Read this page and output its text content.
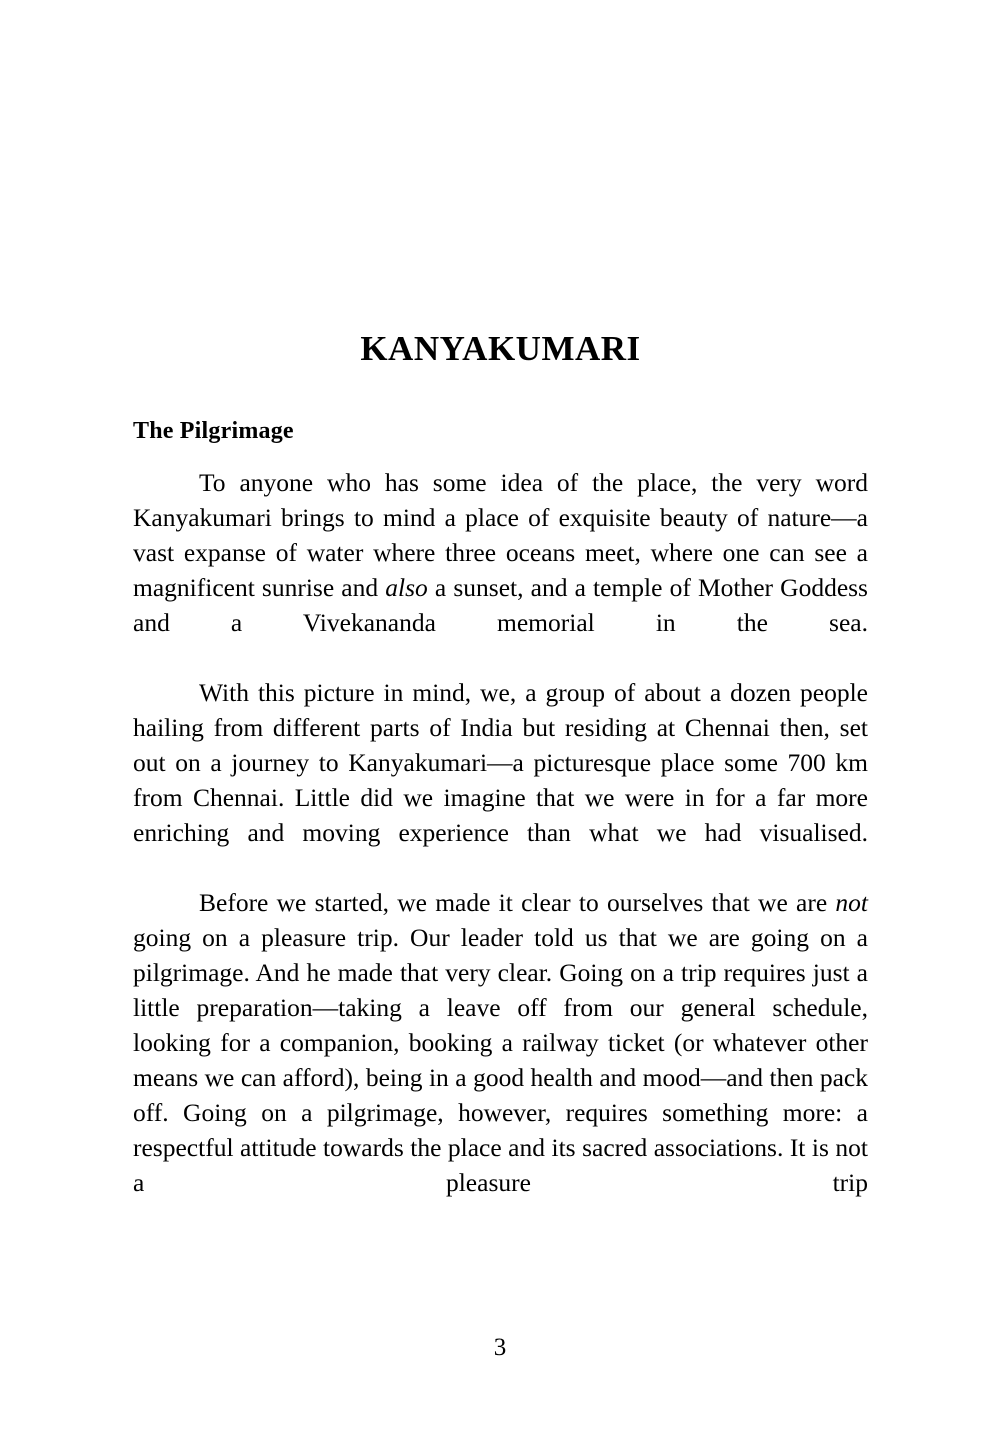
KANYAKUMARI
The Pilgrimage

To anyone who has some idea of the place, the very word Kanyakumari brings to mind a place of exquisite beauty of nature—a vast expanse of water where three oceans meet, where one can see a magnificent sunrise and also a sunset, and a temple of Mother Goddess and a Vivekananda memorial in the sea.

With this picture in mind, we, a group of about a dozen people hailing from different parts of India but residing at Chennai then, set out on a journey to Kanyakumari—a picturesque place some 700 km from Chennai. Little did we imagine that we were in for a far more enriching and moving experience than what we had visualised.

Before we started, we made it clear to ourselves that we are not going on a pleasure trip. Our leader told us that we are going on a pilgrimage. And he made that very clear. Going on a trip requires just a little preparation—taking a leave off from our general schedule, looking for a companion, booking a railway ticket (or whatever other means we can afford), being in a good health and mood—and then pack off. Going on a pilgrimage, however, requires something more: a respectful attitude towards the place and its sacred associations. It is not a pleasure trip

3
